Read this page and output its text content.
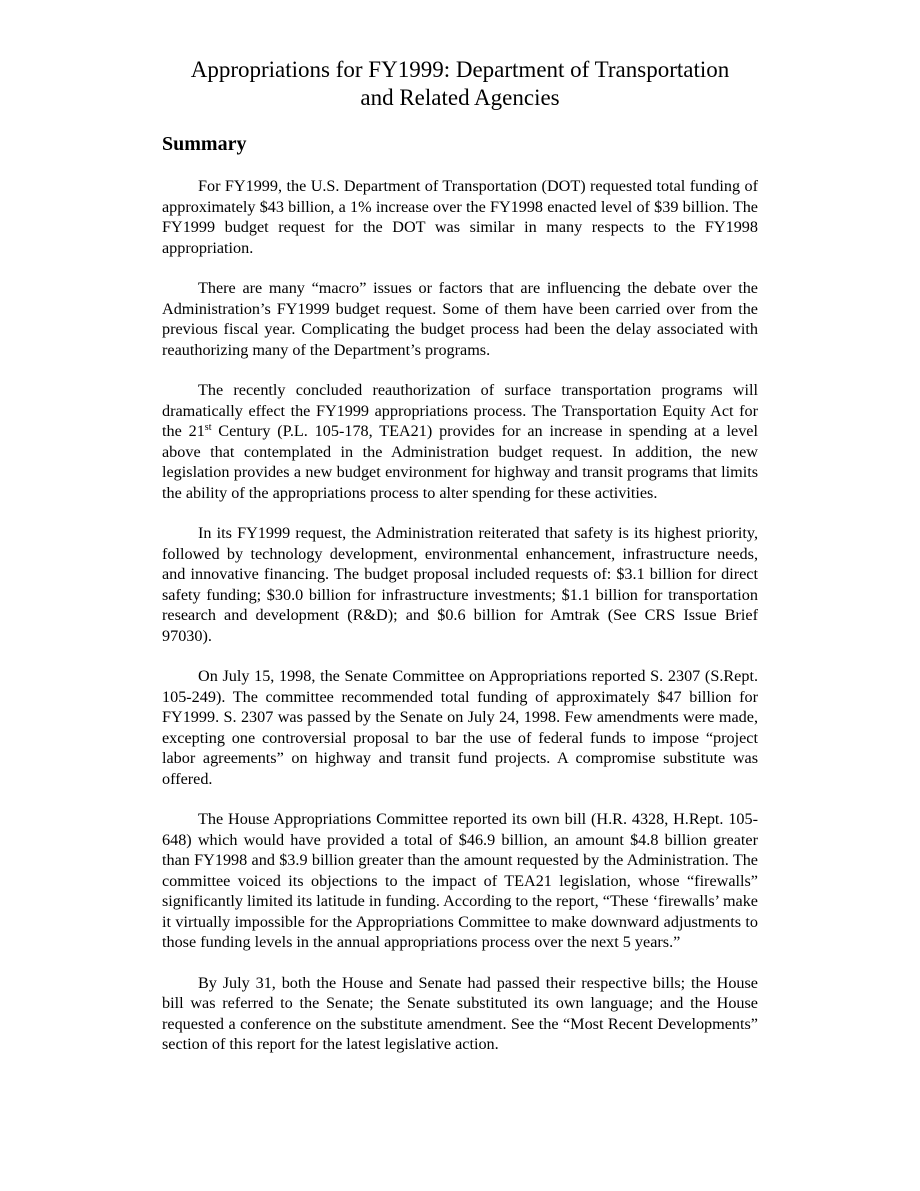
Appropriations for FY1999: Department of Transportation
and Related Agencies
Summary

For FY1999, the U.S. Department of Transportation (DOT) requested total funding of approximately $43 billion, a 1% increase over the FY1998 enacted level of $39 billion. The FY1999 budget request for the DOT was similar in many respects to the FY1998 appropriation.

There are many “macro” issues or factors that are influencing the debate over the Administration’s FY1999 budget request. Some of them have been carried over from the previous fiscal year. Complicating the budget process had been the delay associated with reauthorizing many of the Department’s programs.

The recently concluded reauthorization of surface transportation programs will dramatically effect the FY1999 appropriations process. The Transportation Equity Act for the 21st Century (P.L. 105-178, TEA21) provides for an increase in spending at a level above that contemplated in the Administration budget request. In addition, the new legislation provides a new budget environment for highway and transit programs that limits the ability of the appropriations process to alter spending for these activities.

In its FY1999 request, the Administration reiterated that safety is its highest priority, followed by technology development, environmental enhancement, infrastructure needs, and innovative financing. The budget proposal included requests of: $3.1 billion for direct safety funding; $30.0 billion for infrastructure investments; $1.1 billion for transportation research and development (R&D); and $0.6 billion for Amtrak (See CRS Issue Brief 97030).

On July 15, 1998, the Senate Committee on Appropriations reported S. 2307 (S.Rept. 105-249). The committee recommended total funding of approximately $47 billion for FY1999. S. 2307 was passed by the Senate on July 24, 1998. Few amendments were made, excepting one controversial proposal to bar the use of federal funds to impose “project labor agreements” on highway and transit fund projects. A compromise substitute was offered.

The House Appropriations Committee reported its own bill (H.R. 4328, H.Rept. 105-648) which would have provided a total of $46.9 billion, an amount $4.8 billion greater than FY1998 and $3.9 billion greater than the amount requested by the Administration. The committee voiced its objections to the impact of TEA21 legislation, whose “firewalls” significantly limited its latitude in funding. According to the report, “These ‘firewalls’ make it virtually impossible for the Appropriations Committee to make downward adjustments to those funding levels in the annual appropriations process over the next 5 years.”

By July 31, both the House and Senate had passed their respective bills; the House bill was referred to the Senate; the Senate substituted its own language; and the House requested a conference on the substitute amendment. See the “Most Recent Developments” section of this report for the latest legislative action.
